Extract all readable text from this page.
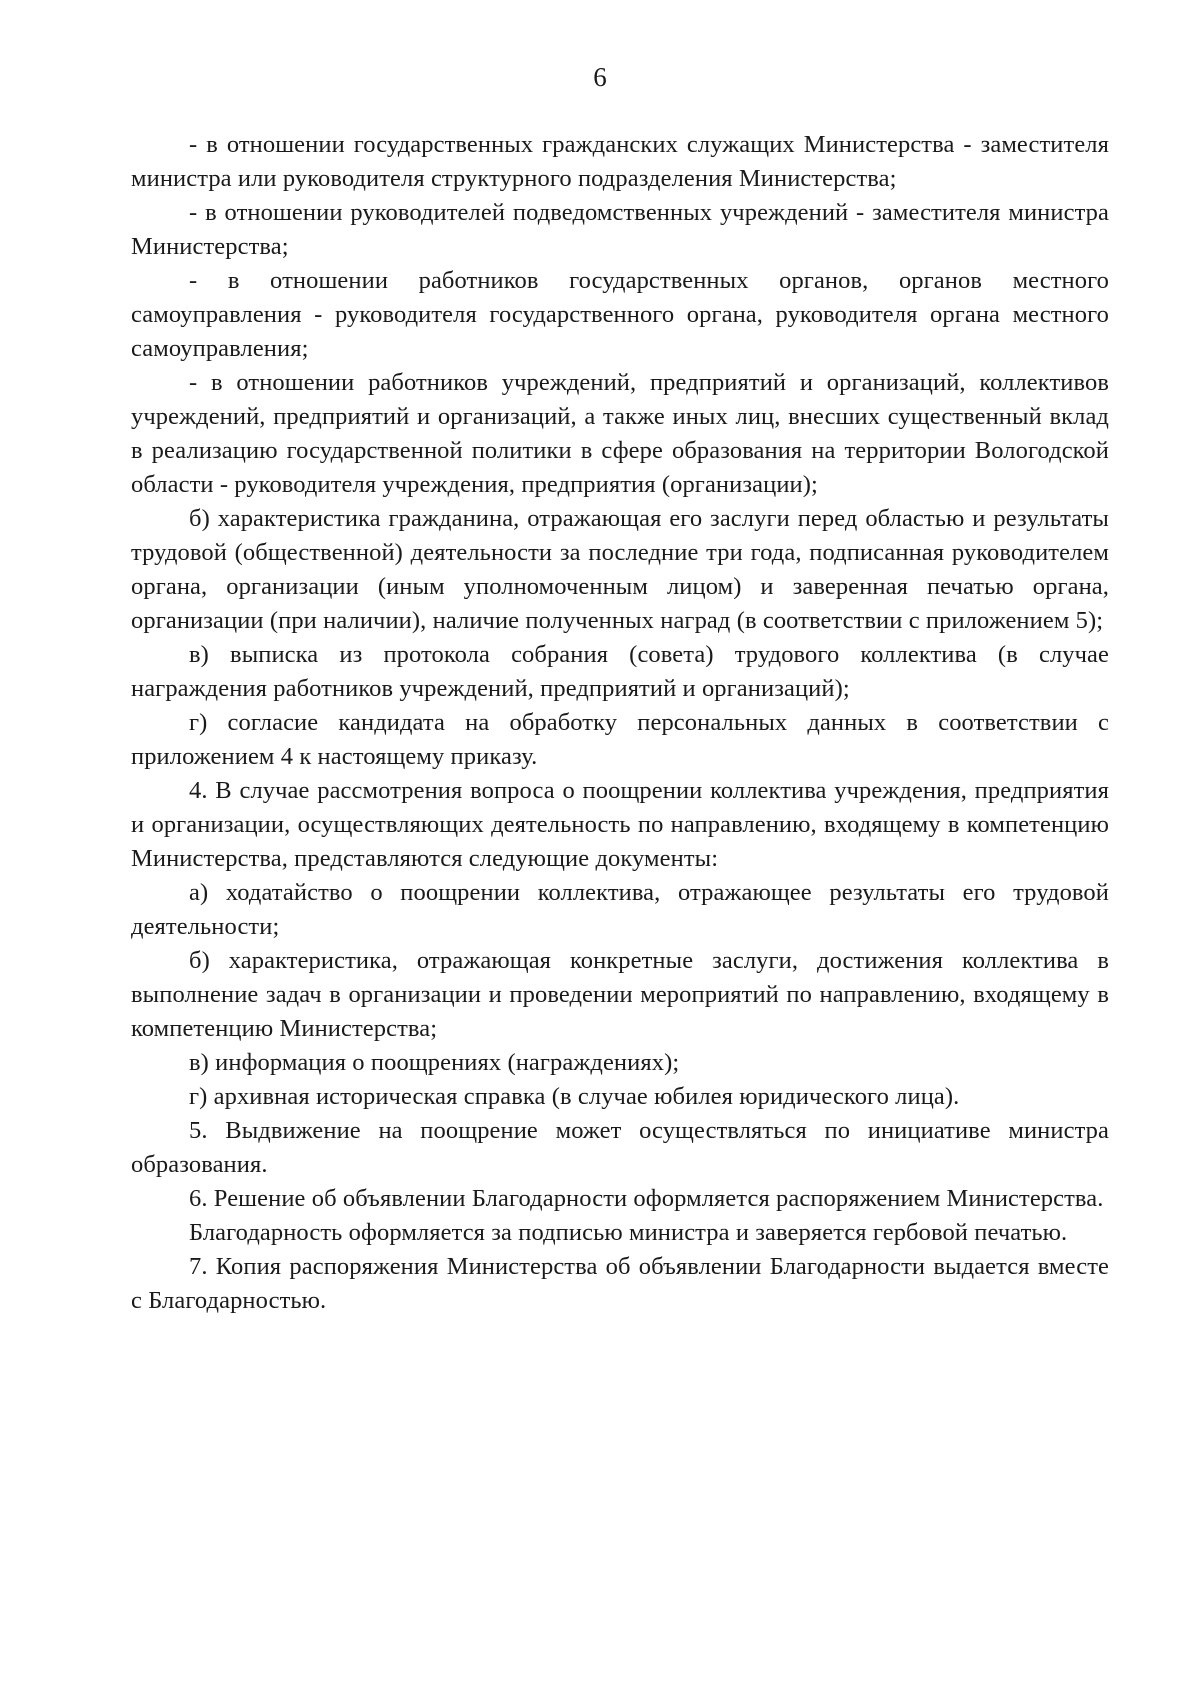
6

- в отношении государственных гражданских служащих Министерства - заместителя министра или руководителя структурного подразделения Министерства;

- в отношении руководителей подведомственных учреждений - заместителя министра Министерства;

- в отношении работников государственных органов, органов местного самоуправления - руководителя государственного органа, руководителя органа местного самоуправления;

- в отношении работников учреждений, предприятий и организаций, коллективов учреждений, предприятий и организаций, а также иных лиц, внесших существенный вклад в реализацию государственной политики в сфере образования на территории Вологодской области - руководителя учреждения, предприятия (организации);

б) характеристика гражданина, отражающая его заслуги перед областью и результаты трудовой (общественной) деятельности за последние три года, подписанная руководителем органа, организации (иным уполномоченным лицом) и заверенная печатью органа, организации (при наличии), наличие полученных наград (в соответствии с приложением 5);

в) выписка из протокола собрания (совета) трудового коллектива (в случае награждения работников учреждений, предприятий и организаций);

г) согласие кандидата на обработку персональных данных в соответствии с приложением 4 к настоящему приказу.

4. В случае рассмотрения вопроса о поощрении коллектива учреждения, предприятия и организации, осуществляющих деятельность по направлению, входящему в компетенцию Министерства, представляются следующие документы:

а) ходатайство о поощрении коллектива, отражающее результаты его трудовой деятельности;

б) характеристика, отражающая конкретные заслуги, достижения коллектива в выполнение задач в организации и проведении мероприятий по направлению, входящему в компетенцию Министерства;

в) информация о поощрениях (награждениях);

г) архивная историческая справка (в случае юбилея юридического лица).

5. Выдвижение на поощрение может осуществляться по инициативе министра образования.

6. Решение об объявлении Благодарности оформляется распоряжением Министерства.

Благодарность оформляется за подписью министра и заверяется гербовой печатью.

7. Копия распоряжения Министерства об объявлении Благодарности выдается вместе с Благодарностью.
